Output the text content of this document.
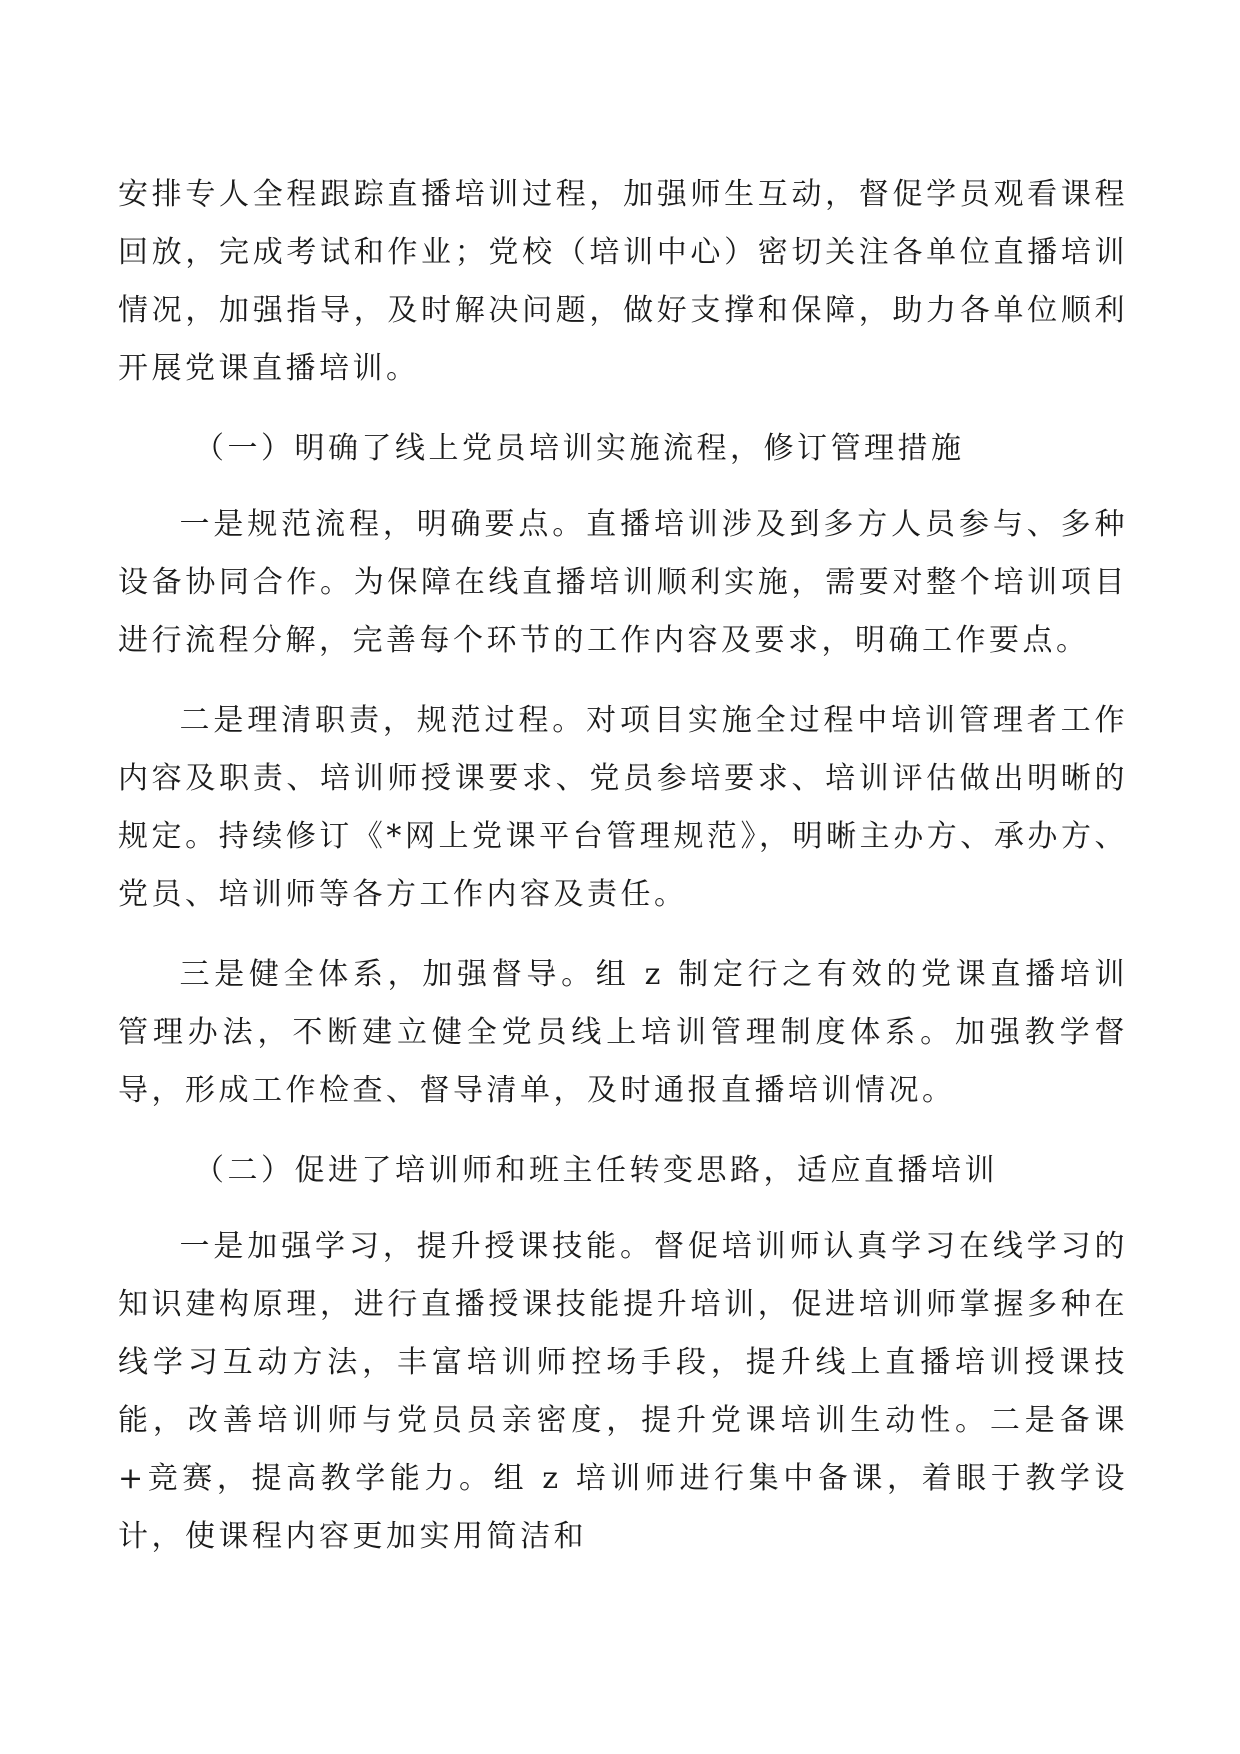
安排专人全程跟踪直播培训过程，加强师生互动，督促学员观看课程回放，完成考试和作业；党校（培训中心）密切关注各单位直播培训情况，加强指导，及时解决问题，做好支撑和保障，助力各单位顺利开展党课直播培训。

（一）明确了线上党员培训实施流程，修订管理措施

一是规范流程，明确要点。直播培训涉及到多方人员参与、多种设备协同合作。为保障在线直播培训顺利实施，需要对整个培训项目进行流程分解，完善每个环节的工作内容及要求，明确工作要点。

二是理清职责，规范过程。对项目实施全过程中培训管理者工作内容及职责、培训师授课要求、党员参培要求、培训评估做出明晰的规定。持续修订《*网上党课平台管理规范》，明晰主办方、承办方、党员、培训师等各方工作内容及责任。

三是健全体系，加强督导。组 z 制定行之有效的党课直播培训管理办法，不断建立健全党员线上培训管理制度体系。加强教学督导，形成工作检查、督导清单，及时通报直播培训情况。

（二）促进了培训师和班主任转变思路，适应直播培训

一是加强学习，提升授课技能。督促培训师认真学习在线学习的知识建构原理，进行直播授课技能提升培训，促进培训师掌握多种在线学习互动方法，丰富培训师控场手段，提升线上直播培训授课技能，改善培训师与党员员亲密度，提升党课培训生动性。二是备课+竞赛，提高教学能力。组 z 培训师进行集中备课，着眼于教学设计，使课程内容更加实用简洁和
